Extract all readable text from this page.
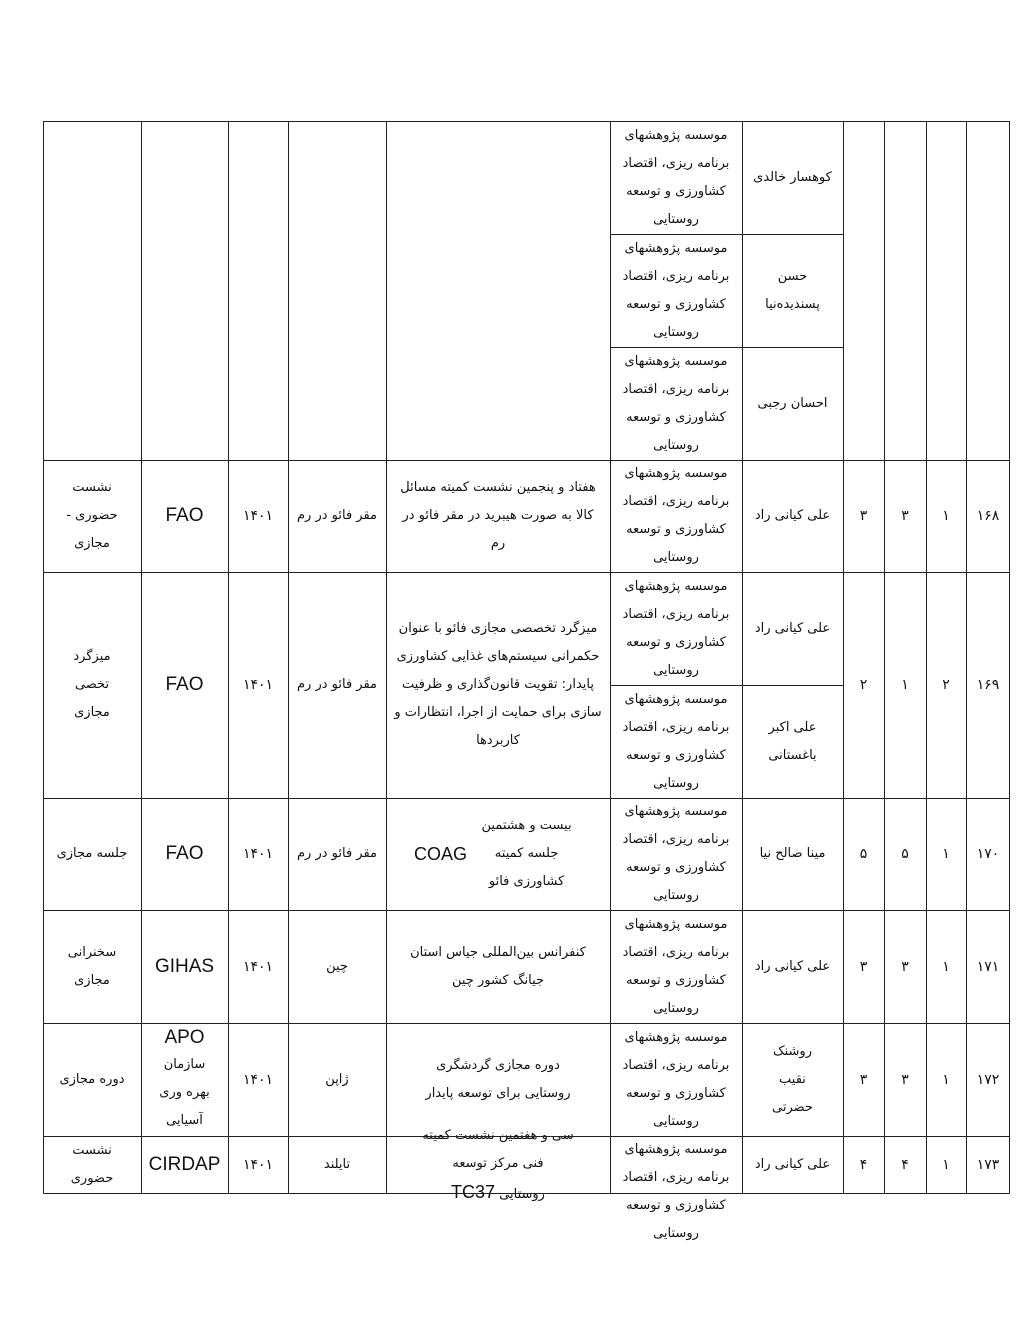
کوهسار خالدی
موسسه پژوهشهای برنامه ریزی، اقتصاد کشاورزی و توسعه روستایی
حسن پسندیده‌نیا
موسسه پژوهشهای برنامه ریزی، اقتصاد کشاورزی و توسعه روستایی
احسان رجبی
موسسه پژوهشهای برنامه ریزی، اقتصاد کشاورزی و توسعه روستایی
۱۶۸
۱
۳
۳
علی کیانی راد
موسسه پژوهشهای برنامه ریزی، اقتصاد کشاورزی و توسعه روستایی
هفتاد و پنجمین نشست کمیته مسائل کالا به صورت هیبرید در مقر فائو در رم
مقر فائو در رم
۱۴۰۱
FAO
نشست حضوری - مجازی
۱۶۹
۲
۱
۲
علی کیانی راد
موسسه پژوهشهای برنامه ریزی، اقتصاد کشاورزی و توسعه روستایی
علی اکبر باغستانی
موسسه پژوهشهای برنامه ریزی، اقتصاد کشاورزی و توسعه روستایی
میزگرد تخصصی مجازی فائو با عنوان حکمرانی سیستم‌های غذایی کشاورزی پایدار: تقویت قانون‌گذاری و ظرفیت سازی برای حمایت از اجرا، انتظارات و کاربردها
مقر فائو در رم
۱۴۰۱
FAO
میزگرد تخصی مجازی
۱۷۰
۱
۵
۵
مینا صالح نیا
موسسه پژوهشهای برنامه ریزی، اقتصاد کشاورزی و توسعه روستایی
بیست و هشتمین جلسه کمیته کشاورزی فائو

COAG
مقر فائو در رم
۱۴۰۱
FAO
جلسه مجازی
۱۷۱
۱
۳
۳
علی کیانی راد
موسسه پژوهشهای برنامه ریزی، اقتصاد کشاورزی و توسعه روستایی
کنفرانس بین‌المللی جیاس استان جیانگ کشور چین
چین
۱۴۰۱
GIHAS
سخنرانی مجازی
۱۷۲
۱
۳
۳
روشنک نقیب حضرتی
موسسه پژوهشهای برنامه ریزی، اقتصاد کشاورزی و توسعه روستایی
دوره مجازی گردشگری روستایی برای توسعه پایدار
ژاپن
۱۴۰۱
APO
سازمان بهره وری آسیایی
دوره مجازی
۱۷۳
۱
۴
۴
علی کیانی راد
موسسه پژوهشهای برنامه ریزی، اقتصاد کشاورزی و توسعه روستایی
سی و هفتمین نشست کمیته فنی مرکز توسعه روستایی TC37
تایلند
۱۴۰۱
CIRDAP
نشست حضوری
